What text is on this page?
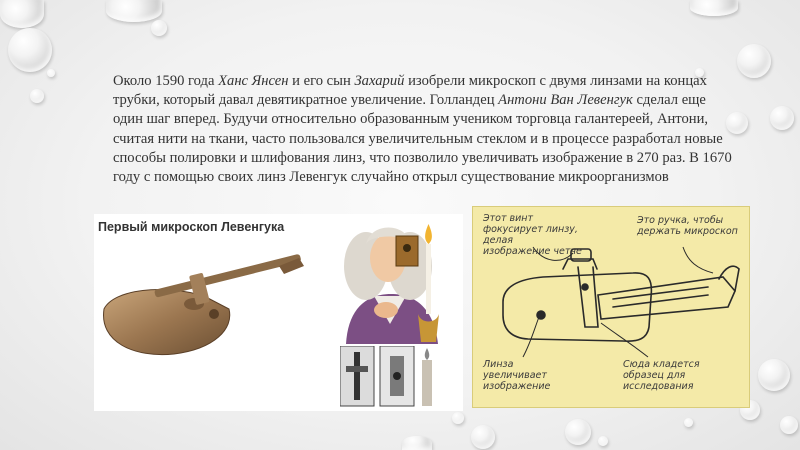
Около 1590 года Ханс Янсен и его сын Захарий изобрели микроскоп с двумя линзами на концах трубки, который давал девятикратное увеличение. Голландец Антони Ван Левенгук сделал еще один шаг вперед. Будучи относительно образованным учеником торговца галантереей, Антони, считая нити на ткани, часто пользовался увеличительным стеклом и в процессе разработал новые способы полировки и шлифования линз, что позволило увеличивать изображение в 270 раз. В 1670 году с помощью своих линз Левенгук случайно открыл существование микроорганизмов
Первый микроскоп Левенгука
Этот винт фокусирует линзу, делая изображение четче
Это ручка, чтобы держать микроскоп
Линза увеличивает изображение
Сюда кладется образец для исследования
